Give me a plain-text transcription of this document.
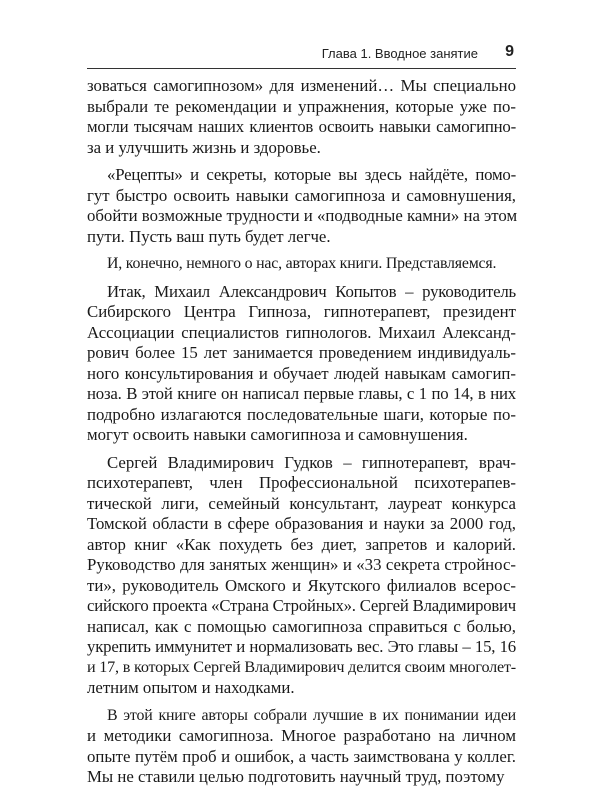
Глава 1. Вводное занятие 9

зоваться самогипнозом» для изменений… Мы специально
выбрали те рекомендации и упражнения, которые уже по-
могли тысячам наших клиентов освоить навыки самогипно-
за и улучшить жизнь и здоровье.

«Рецепты» и секреты, которые вы здесь найдёте, помо-
гут быстро освоить навыки самогипноза и самовнушения,
обойти возможные трудности и «подводные камни» на этом
пути. Пусть ваш путь будет легче.

И, конечно, немного о нас, авторах книги. Представляемся.

Итак, Михаил Александрович Копытов – руководитель
Сибирского Центра Гипноза, гипнотерапевт, президент
Ассоциации специалистов гипнологов. Михаил Александ-
рович более 15 лет занимается проведением индивидуаль-
ного консультирования и обучает людей навыкам самогип-
ноза. В этой книге он написал первые главы, с 1 по 14, в них
подробно излагаются последовательные шаги, которые по-
могут освоить навыки самогипноза и самовнушения.

Сергей Владимирович Гудков – гипнотерапевт, врач-
психотерапевт, член Профессиональной психотерапев-
тической лиги, семейный консультант, лауреат конкурса
Томской области в сфере образования и науки за 2000 год,
автор книг «Как похудеть без диет, запретов и калорий.
Руководство для занятых женщин» и «33 секрета стройнос-
ти», руководитель Омского и Якутского филиалов всерос-
сийского проекта «Страна Стройных». Сергей Владимирович
написал, как с помощью самогипноза справиться с болью,
укрепить иммунитет и нормализовать вес. Это главы – 15, 16
и 17, в которых Сергей Владимирович делится своим многолет-
летним опытом и находками.

В этой книге авторы собрали лучшие в их понимании идеи
и методики самогипноза. Многое разработано на личном
опыте путём проб и ошибок, а часть заимствована у коллег.
Мы не ставили целью подготовить научный труд, поэтому
